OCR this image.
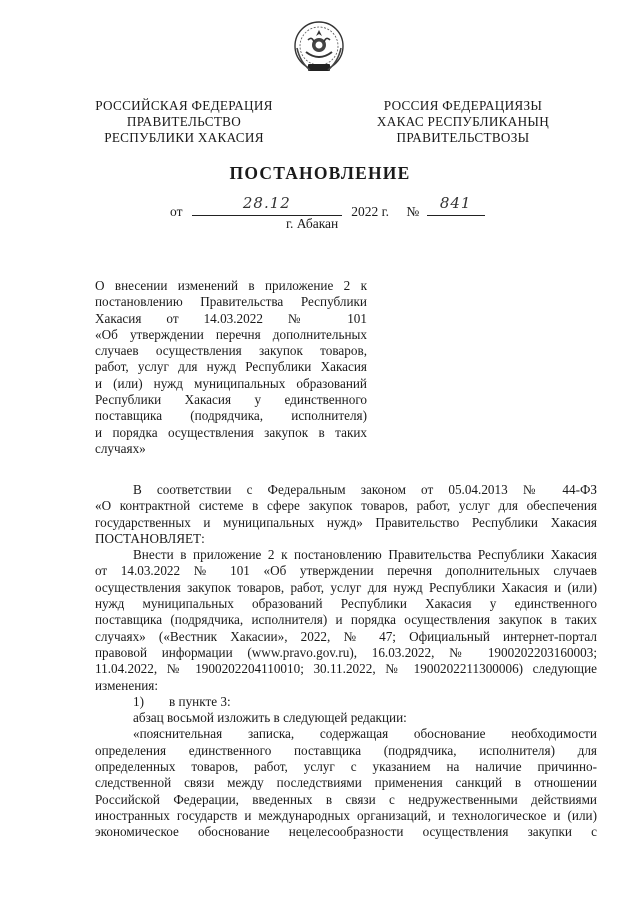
РОССИЙСКАЯ ФЕДЕРАЦИЯ
ПРАВИТЕЛЬСТВО
РЕСПУБЛИКИ ХАКАСИЯ
РОССИЯ ФЕДЕРАЦИЯЗЫ
ХАКАС РЕСПУБЛИКАНЫҢ
ПРАВИТЕЛЬСТВОЗЫ
ПОСТАНОВЛЕНИЕ
от	28.12	2022 г. №	841
г. Абакан

О внесении изменений в приложение 2 к

постановлению Правительства Республики

Хакасия от 14.03.2022 № 101

«Об утверждении перечня дополнительных

случаев осуществления закупок товаров,

работ, услуг для нужд Республики Хакасия

и (или) нужд муниципальных образований

Республики Хакасия у единственного

поставщика (подрядчика, исполнителя)

и порядка осуществления закупок в таких

случаях»

В соответствии с Федеральным законом от 05.04.2013 № 44-ФЗ
«О контрактной системе в сфере закупок товаров, работ, услуг для обеспечения
государственных и муниципальных нужд» Правительство Республики Хакасия
ПОСТАНОВЛЯЕТ:
Внести в приложение 2 к постановлению Правительства Республики Хакасия
от 14.03.2022 № 101 «Об утверждении перечня дополнительных случаев
осуществления закупок товаров, работ, услуг для нужд Республики Хакасия и (или)
нужд муниципальных образований Республики Хакасия у единственного
поставщика (подрядчика, исполнителя) и порядка осуществления закупок в таких
случаях» («Вестник Хакасии», 2022, № 47; Официальный интернет-портал
правовой информации (www.pravo.gov.ru), 16.03.2022, № 1900202203160003;
11.04.2022, № 1900202204110010; 30.11.2022, № 1900202211300006) следующие
изменения:
1)	в пункте 3:
абзац восьмой изложить в следующей редакции:
«пояснительная записка, содержащая обоснование необходимости
определения единственного поставщика (подрядчика, исполнителя) для
определенных товаров, работ, услуг с указанием на наличие причинно-
следственной связи между последствиями применения санкций в отношении
Российской Федерации, введенных в связи с недружественными действиями
иностранных государств и международных организаций, и технологическое и (или)
экономическое обоснование нецелесообразности осуществления закупки с
